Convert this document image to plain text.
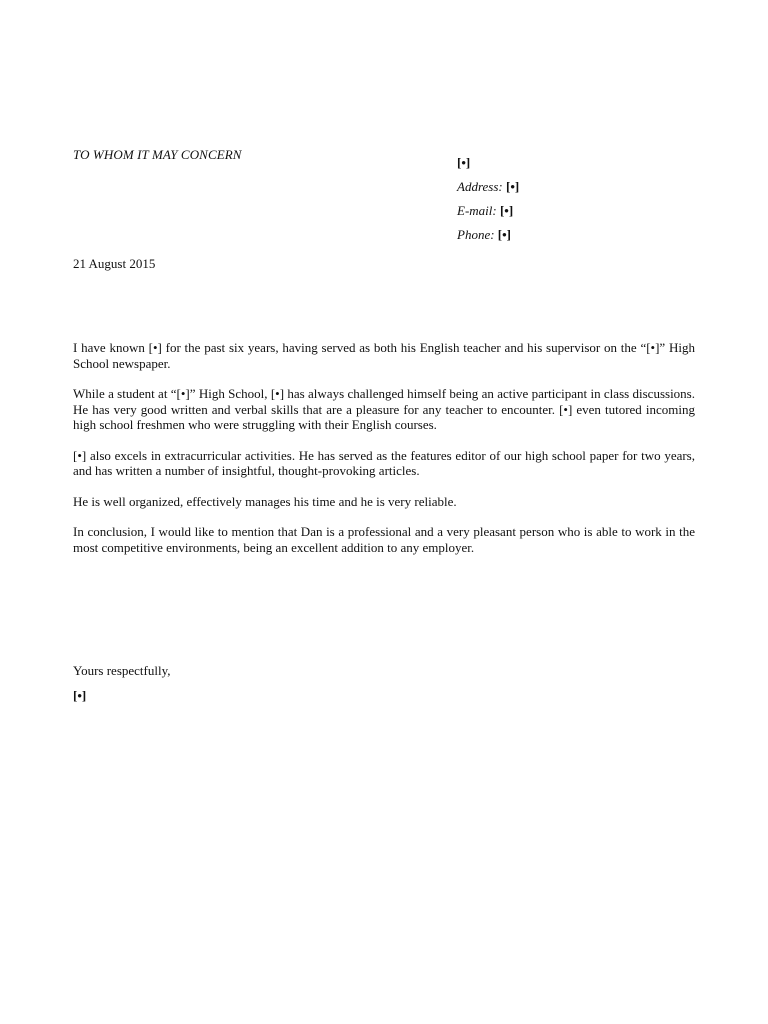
TO WHOM IT MAY CONCERN
[•]
Address: [•]
E-mail: [•]
Phone: [•]
21 August 2015

I have known [•] for the past six years, having served as both his English teacher and his supervisor on the “[•]” High School newspaper.

While a student at “[•]” High School, [•] has always challenged himself being an active participant in class discussions. He has very good written and verbal skills that are a pleasure for any teacher to encounter. [•] even tutored incoming high school freshmen who were struggling with their English courses.

[•] also excels in extracurricular activities. He has served as the features editor of our high school paper for two years, and has written a number of insightful, thought-provoking articles.

He is well organized, effectively manages his time and he is very reliable.

In conclusion, I would like to mention that Dan is a professional and a very pleasant person who is able to work in the most competitive environments, being an excellent addition to any employer.

Yours respectfully,
[•]
